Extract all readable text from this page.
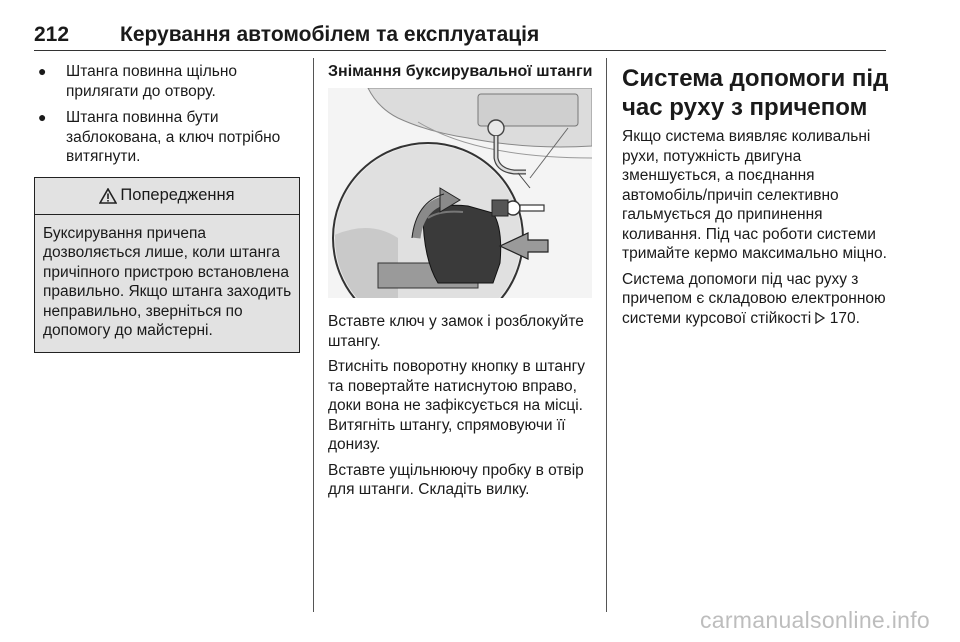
212 Керування автомобілем та експлуатація
● Штанга повинна щільно прилягати до отвору.
● Штанга повинна бути заблокована, а ключ потрібно витягнути.
Попередження
Буксирування причепа дозволяється лише, коли штанга причіпного пристрою встановлена правильно. Якщо штанга заходить неправильно, зверніться по допомогу до майстерні.
Знімання буксирувальної штанги

Вставте ключ у замок і розблокуйте штангу.

Втисніть поворотну кнопку в штангу та повертайте натиснутою вправо, доки вона не зафіксується на місці. Витягніть штангу, спрямовуючи її донизу.

Вставте ущільнюючу пробку в отвір для штанги. Складіть вилку.

Система допомоги під час руху з причепом

Якщо система виявляє коливальні рухи, потужність двигуна зменшується, а поєднання автомобіль/причіп селективно гальмується до припинення коливання. Під час роботи системи тримайте кермо максимально міцно.

Система допомоги під час руху з причепом є складовою електронною системи курсової стійкості 170.

carmanualsonline.info
